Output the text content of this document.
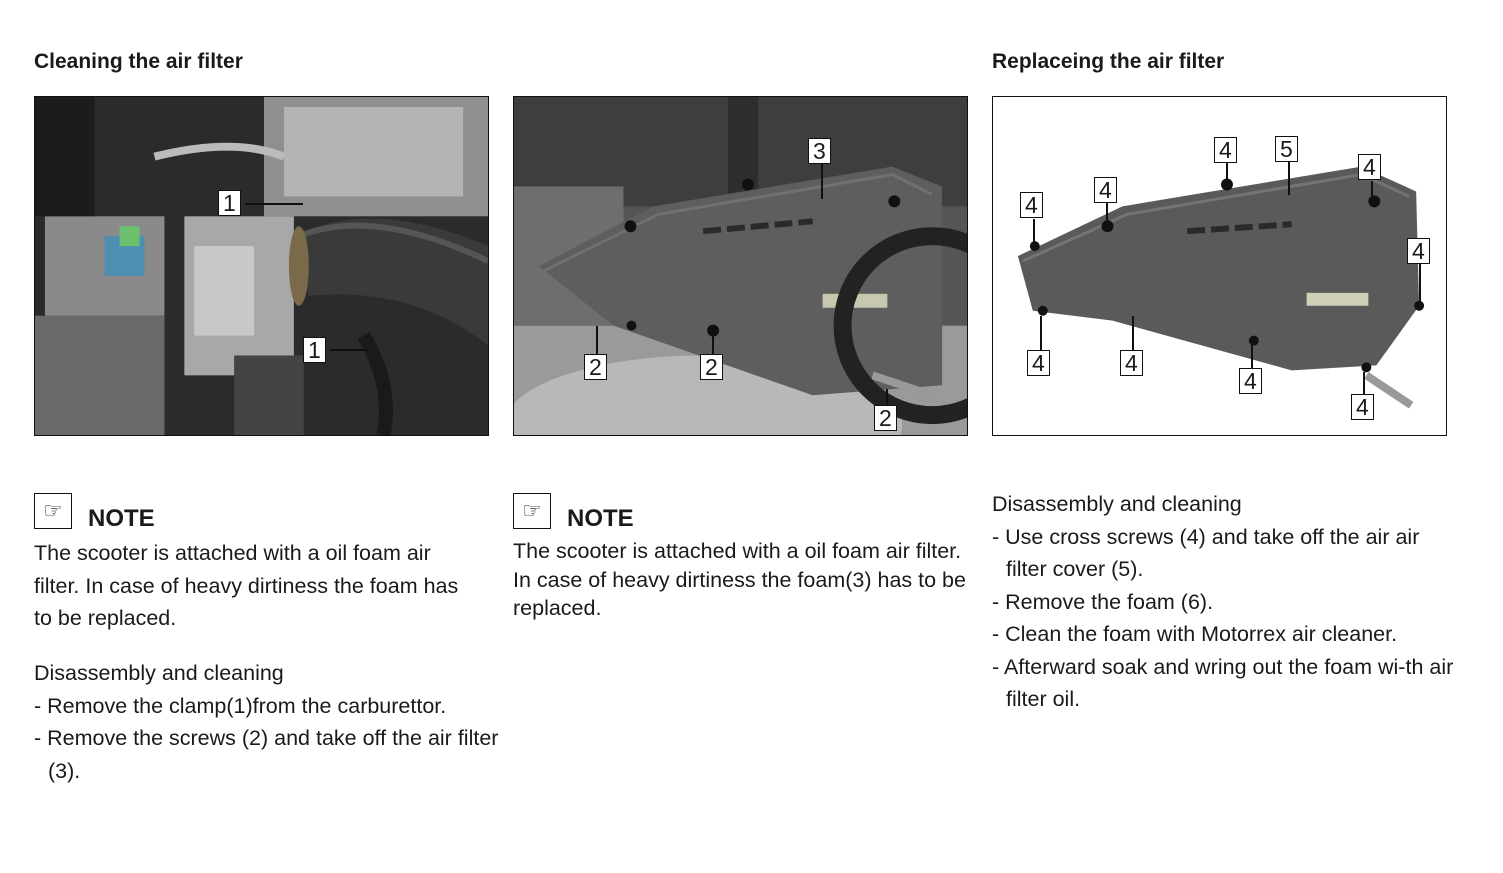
Cleaning the air filter	Replaceing the air filter
1
1
3
2	2
2
4
4
4 5
4
4
4	4
4
4
☞	NOTE
The scooter is attached with a oil foam air filter. In case of heavy dirtiness the foam has to be replaced.

Disassembly and cleaning

- Remove the clamp(1)from the carburettor.

- Remove the screws (2) and take off the air filter (3).

☞	NOTE
The scooter is attached with a oil foam air filter. In case of heavy dirtiness the foam(3) has to be replaced.

Disassembly and cleaning

- Use cross screws (4) and take off the air air filter cover (5).

- Remove the foam (6).

- Clean the foam with Motorrex air cleaner.

- Afterward soak and wring out the foam wi-th air filter oil.
